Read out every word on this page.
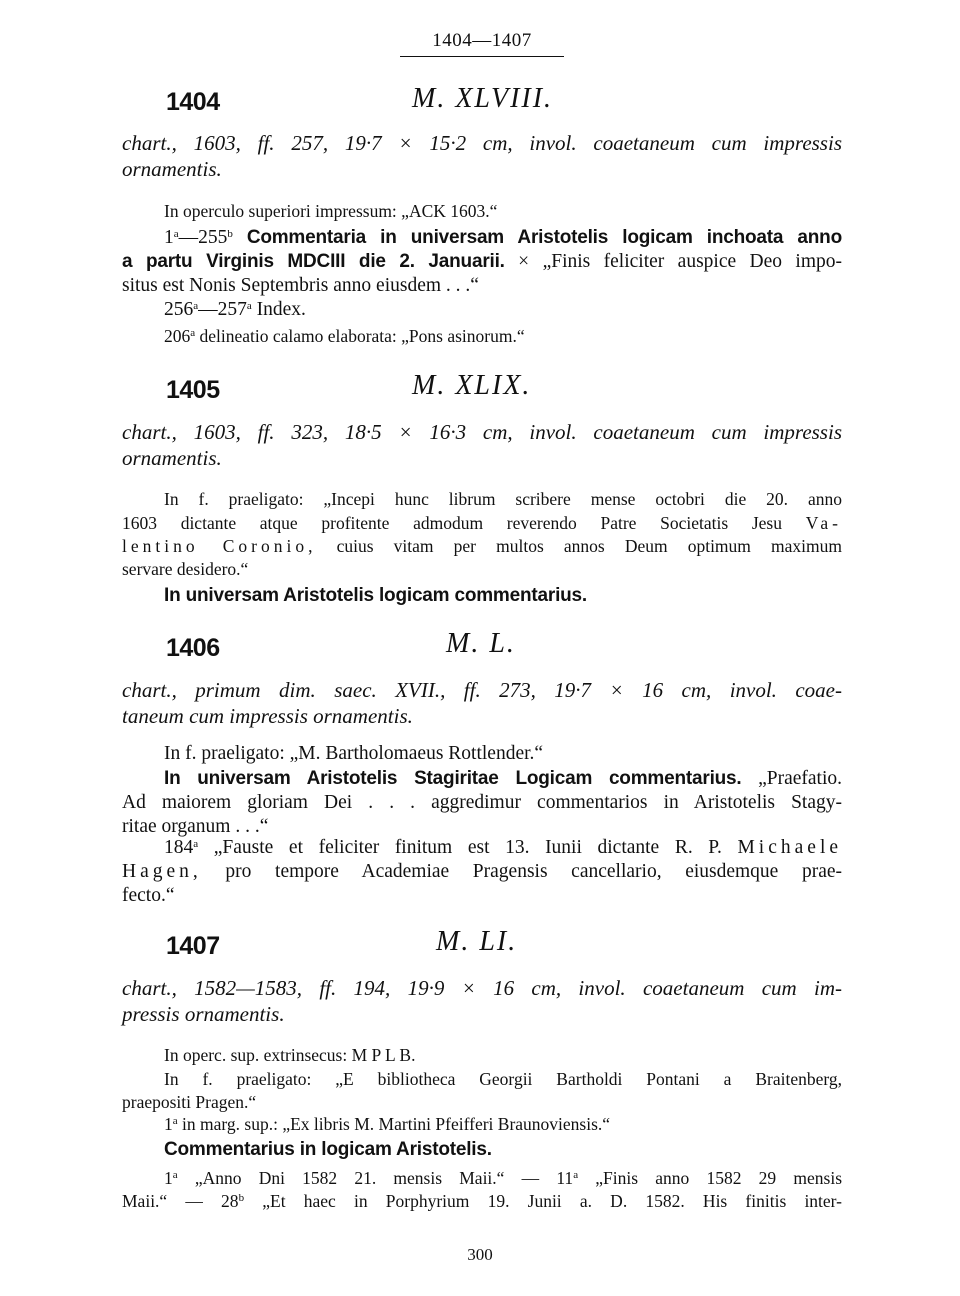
1404—1407
1404	M. XLVIII.
chart., 1603, ff. 257, 19·7 × 15·2 cm, invol. coaetaneum cum impressis
ornamentis.
In operculo superiori impressum: „ACK 1603.“
1$^a$—255$^b$ Commentaria in universam Aristotelis logicam inchoata anno
a partu Virginis MDCIII die 2. Januarii. × „Finis feliciter auspice Deo impo-
situs est Nonis Septembris anno eiusdem . . .“
256$^a$—257$^a$ Index.
206$^a$ delineatio calamo elaborata: „Pons asinorum.“
1405	M. XLIX.
chart., 1603, ff. 323, 18·5 × 16·3 cm, invol. coaetaneum cum impressis
ornamentis.
In f. praeligato: „Incepi hunc librum scribere mense octobri die 20. anno
1603 dictante atque profitente admodum reverendo Patre Societatis Jesu Va-
lentino Coronio, cuius vitam per multos annos Deum optimum maximum
servare desidero.“
In universam Aristotelis logicam commentarius.
1406	M. L.
chart., primum dim. saec. XVII., ff. 273, 19·7 × 16 cm, invol. coae-
taneum cum impressis ornamentis.
In f. praeligato: „M. Bartholomaeus Rottlender.“
In universam Aristotelis Stagiritae Logicam commentarius. „Praefatio.
Ad maiorem gloriam Dei . . . aggredimur commentarios in Aristotelis Stagy-
ritae organum . . .“
184$^a$ „Fauste et feliciter finitum est 13. Iunii dictante R. P. Michaele
Hagen, pro tempore Academiae Pragensis cancellario, eiusdemque prae-
fecto.“
1407	M. LI.
chart., 1582—1583, ff. 194, 19·9 × 16 cm, invol. coaetaneum cum im-
pressis ornamentis.
In operc. sup. extrinsecus: M P L B.
In f. praeligato: „E bibliotheca Georgii Bartholdi Pontani a Braitenberg,
praepositi Pragen.“
1$^a$ in marg. sup.: „Ex libris M. Martini Pfeifferi Braunoviensis.“
Commentarius in logicam Aristotelis.
1$^a$ „Anno Dni 1582 21. mensis Maii.“ — 11$^a$ „Finis anno 1582 29 mensis
Maii.“ — 28$^b$ „Et haec in Porphyrium 19. Junii a. D. 1582. His finitis inter-
300
